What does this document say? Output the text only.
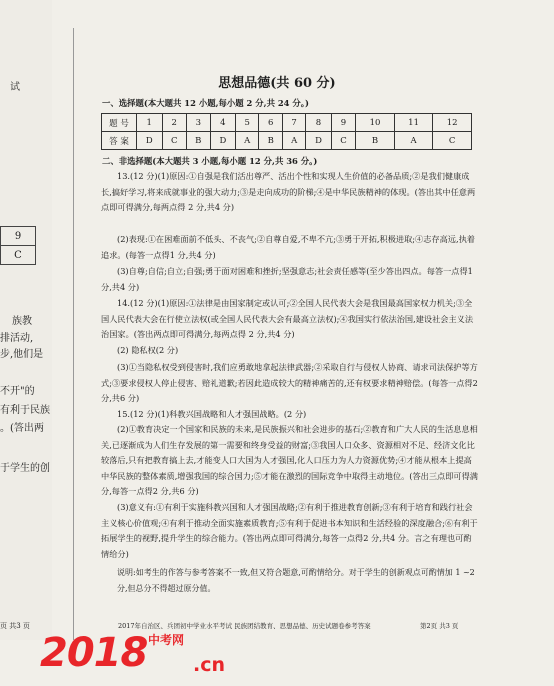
试
9
C
族教
排活动,
步,他们是
不开"的
有利于民族
。(答出两
于学生的创
页 共3 页
思想品德(共 60 分)
一、选择题(本大题共 12 小题,每小题 2 分,共 24 分。)
题 号	1	2	3	4	5	6	7	8	9	10	11	12
答 案	D	C	B	D	A	B	A	D	C	B	A	C
二、非选择题(本大题共 3 小题,每小题 12 分,共 36 分。)
13.(12 分)(1)原因:①自强是我们活出尊严、活出个性和实现人生价值的必备品质;②是我们健康成长,搞好学习,将来成就事业的强大动力;③是走向成功的阶梯;④是中华民族精神的体现。(答出其中任意两点即可得满分,每两点得 2 分,共4 分)
(2)表现:①在困难面前不低头、不丧气;②自尊自爱,不卑不亢;③勇于开拓,积极进取;④志存高远,执着追求。(每答一点得1 分,共4 分)
(3)自尊;自信;自立;自强;勇于面对困难和挫折;坚强意志;社会责任感等(至少答出四点。每答一点得1 分,共4 分)
14.(12 分)(1)原因:①法律是由国家制定或认可;②全国人民代表大会是我国最高国家权力机关;③全国人民代表大会在行使立法权(或全国人民代表大会有最高立法权);④我国实行依法治国,建设社会主义法治国家。(答出两点即可得满分,每两点得 2 分,共4 分)
(2) 隐私权(2 分)
(3)①当隐私权受到侵害时,我们应勇敢地拿起法律武器;②采取自行与侵权人协商、请求司法保护等方式;③要求侵权人停止侵害、赔礼道歉;若因此造成较大的精神痛苦的,还有权要求精神赔偿。(每答一点得2 分,共6 分)
15.(12 分)(1)科教兴国战略和人才强国战略。(2 分)
(2)①教育决定一个国家和民族的未来,是民族振兴和社会进步的基石;②教育和广大人民的生活息息相关,已逐渐成为人们生存发展的第一需要和终身受益的财富;③我国人口众多、资源相对不足、经济文化比较落后,只有把教育搞上去,才能变人口大国为人才强国,化人口压力为人力资源优势;④才能从根本上提高中华民族的整体素质,增强我国的综合国力;⑤才能在激烈的国际竞争中取得主动地位。(答出三点即可得满分,每答一点得2 分,共6 分)
(3)意义有:①有利于实施科教兴国和人才强国战略;②有利于推进教育创新;③有利于培育和践行社会主义核心价值观;④有利于推动全面实施素质教育;⑤有利于促进书本知识和生活经验的深度融合;⑥有利于拓展学生的视野,提升学生的综合能力。(答出两点即可得满分,每答一点得2 分,共4 分。言之有理也可酌情给分)
说明:如考生的作答与参考答案不一致,但又符合题意,可酌情给分。对于学生的创新观点可酌情加 1 ~2 分,但总分不得超过原分值。
2017年自治区、兵团初中学业水平考试 民族团结教育、思想品德、历史试题卷参考答案	第2页 共3 页
2018 中考网
.cn
